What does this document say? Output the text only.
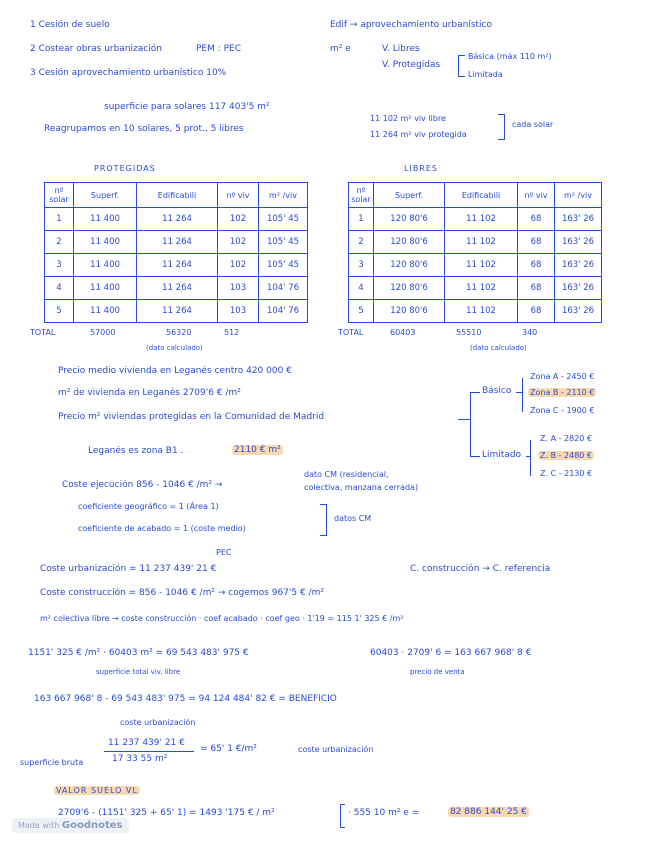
1 Cesión de suelo
2 Costear obras urbanización	PEM : PEC
3 Cesión aprovechamiento urbanístico 10%
Edif → aprovechamiento urbanístico
m² e	V. Libres
V. Protegidas
Básica (máx 110 m²)
Limitada
superficie para solares 117 403'5 m²
Reagrupamos en 10 solares, 5 prot., 5 libres
11 102 m² viv libre
11 264 m² viv protegida
cada solar
PROTEGIDAS	LIBRES
nº solar	Superf.	Edificabili	nº viv	m² /viv
1	11 400	11 264	102	105' 45
2	11 400	11 264	102	105' 45
3	11 400	11 264	102	105' 45
4	11 400	11 264	103	104' 76
5	11 400	11 264	103	104' 76
TOTAL	57000	56320	512
(dato calculado)
nº solar	Superf.	Edificabili	nº viv	m² /viv
1	120 80'6	11 102	68	163' 26
2	120 80'6	11 102	68	163' 26
3	120 80'6	11 102	68	163' 26
4	120 80'6	11 102	68	163' 26
5	120 80'6	11 102	68	163' 26
TOTAL	60403	55510	340
(dato calculado)
Precio medio vivienda en Leganés centro 420 000 €
m² de vivienda en Leganés 2709'6 € /m²
Precio m² viviendas protegidas en la Comunidad de Madrid
Básico
Limitado
Zona A - 2450 €
Zona B - 2110 €
Zona C - 1900 €
Z. A - 2820 €
Z. B - 2480 €
Z. C - 2130 €
Leganés es zona B1 .	2110 € m²
Coste ejecución 856 - 1046 € /m² →
dato CM (residencial,
colectiva, manzana cerrada)
coeficiente geográfico = 1 (Área 1)
coeficiente de acabado = 1 (coste medio)
datos CM
PEC
Coste urbanización = 11 237 439' 21 €	C. construcción → C. referencia
Coste construcción = 856 - 1046 € /m² → cogemos 967'5 € /m²
m² colectiva libre → coste construcción · coef acabado · coef geo · 1'19 = 115 1' 325 € /m²
1151' 325 € /m² · 60403 m² = 69 543 483' 975 €
superficie total viv. libre
60403 · 2709' 6 = 163 667 968' 8 €
precio de venta
163 667 968' 8 - 69 543 483' 975 = 94 124 484' 82 € = BENEFICIO
coste urbanización
11 237 439' 21 €
17 33 55 m²
= 65' 1 €/m²	coste urbanización
superficie bruta
VALOR SUELO VL
2709'6 - (1151' 325 + 65' 1) = 1493 '175 € / m²	· 555 10 m² e =	82 886 144' 25 €
Made with Goodnotes
